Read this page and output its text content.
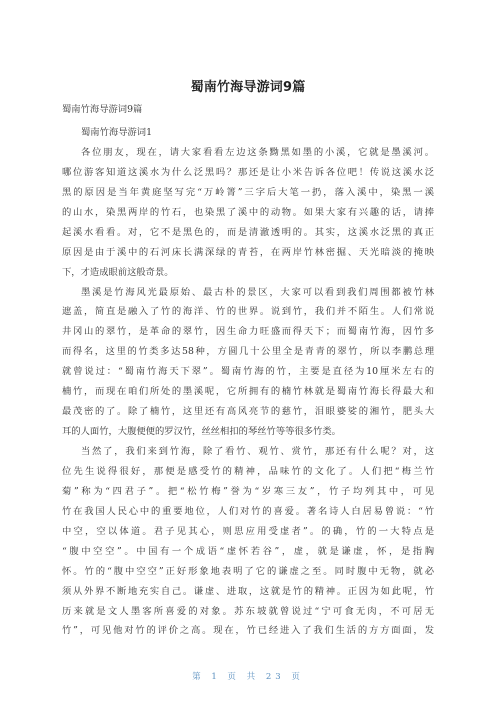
蜀南竹海导游词9篇
蜀南竹海导游词9篇
蜀南竹海导游词1
各位朋友，现在，请大家看看左边这条黝黑如墨的小溪，它就是墨溪河。
哪位游客知道这溪水为什么泛黑吗？那还是让小米告诉各位吧！传说这溪水泛
黑的原因是当年黄庭坚写完“万岭箐”三字后大笔一扔，落入溪中，染黑一溪
的山水，染黑两岸的竹石，也染黑了溪中的动物。如果大家有兴趣的话，请捧
起溪水看看。对，它不是黑色的，而是清澈透明的。其实，这溪水泛黑的真正
原因是由于溪中的石河床长满深绿的青苔，在两岸竹林密掘、天光暗淡的掩映
下，才造成眼前这般奇景。
墨溪是竹海风光最原始、最古朴的景区，大家可以看到我们周围都被竹林
遮盖，简直是融入了竹的海洋、竹的世界。说到竹，我们并不陌生。人们常说
井冈山的翠竹，是革命的翠竹，因生命力旺盛而得天下；而蜀南竹海，因竹多
而得名，这里的竹类多达58种，方圆几十公里全是青青的翠竹，所以李鹏总理
就曾说过：“蜀南竹海天下翠”。蜀南竹海的竹，主要是直径为10厘米左右的
楠竹，而现在咱们所处的墨溪呢，它所拥有的楠竹林就是蜀南竹海长得最大和
最茂密的了。除了楠竹，这里还有高风亮节的慈竹，泪眼婆娑的湘竹，肥头大
耳的人面竹，大腹便便的罗汉竹，丝丝相扣的琴丝竹等等很多竹类。
当然了，我们来到竹海，除了看竹、观竹、赏竹，那还有什么呢？对，这
位先生说得很好，那便是感受竹的精神，品味竹的文化了。人们把“梅兰竹
菊”称为“四君子”。把“松竹梅”誉为“岁寒三友”，竹子均列其中，可见
竹在我国人民心中的重要地位，人们对竹的喜爱。著名诗人白居易曾说：“竹
中空，空以体道。君子见其心，则思应用受虚者”。的确，竹的一大特点是
“腹中空空”。中国有一个成语“虚怀若谷”，虚，就是谦虚，怀，是指胸
怀。竹的“腹中空空”正好形象地表明了它的谦虚之至。同时腹中无物，就必
须从外界不断地充实自己。谦虚、进取，这就是竹的精神。正因为如此呢，竹
历来就是文人墨客所喜爱的对象。苏东坡就曾说过“宁可食无肉，不可居无
竹”，可见他对竹的评价之高。现在，竹已经进入了我们生活的方方面面，发
第 1 页 共 23 页
